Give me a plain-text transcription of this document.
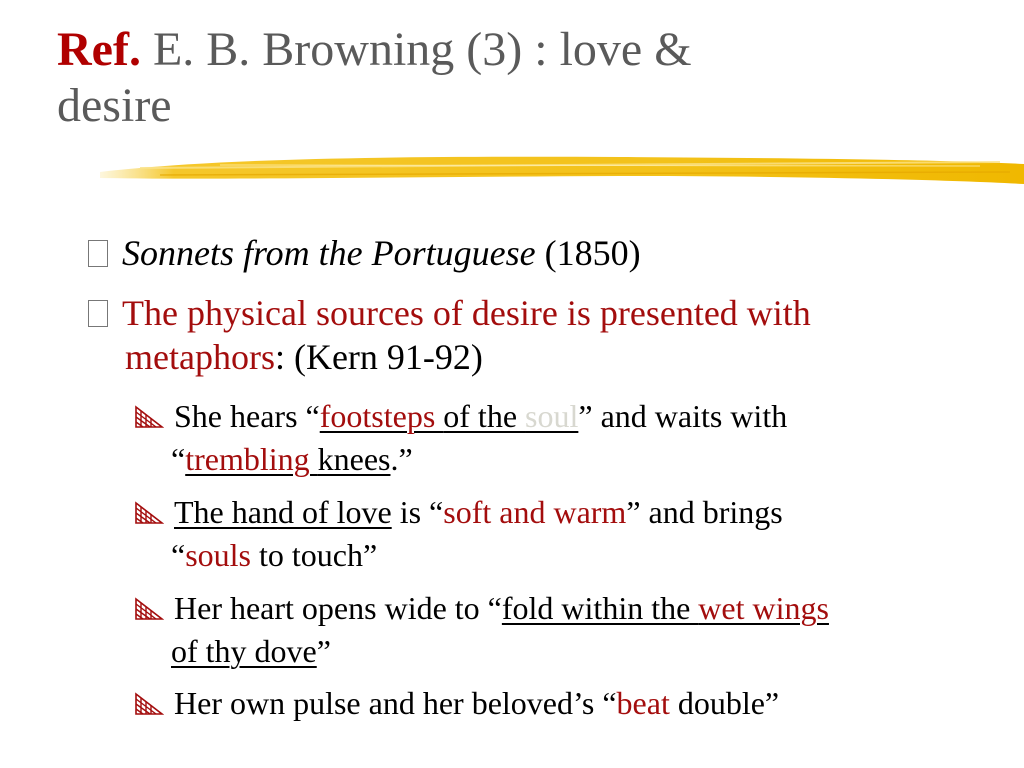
Ref. E. B. Browning (3) : love &
desire
Sonnets from the Portuguese (1850)
The physical sources of desire is presented with
metaphors: (Kern 91-92)
She hears “footsteps of the soul” and waits with
“trembling knees.”
The hand of love is “soft and warm” and brings
“souls to touch”
Her heart opens wide to “fold within the wet wings
of thy dove”
Her own pulse and her beloved’s “beat double”
